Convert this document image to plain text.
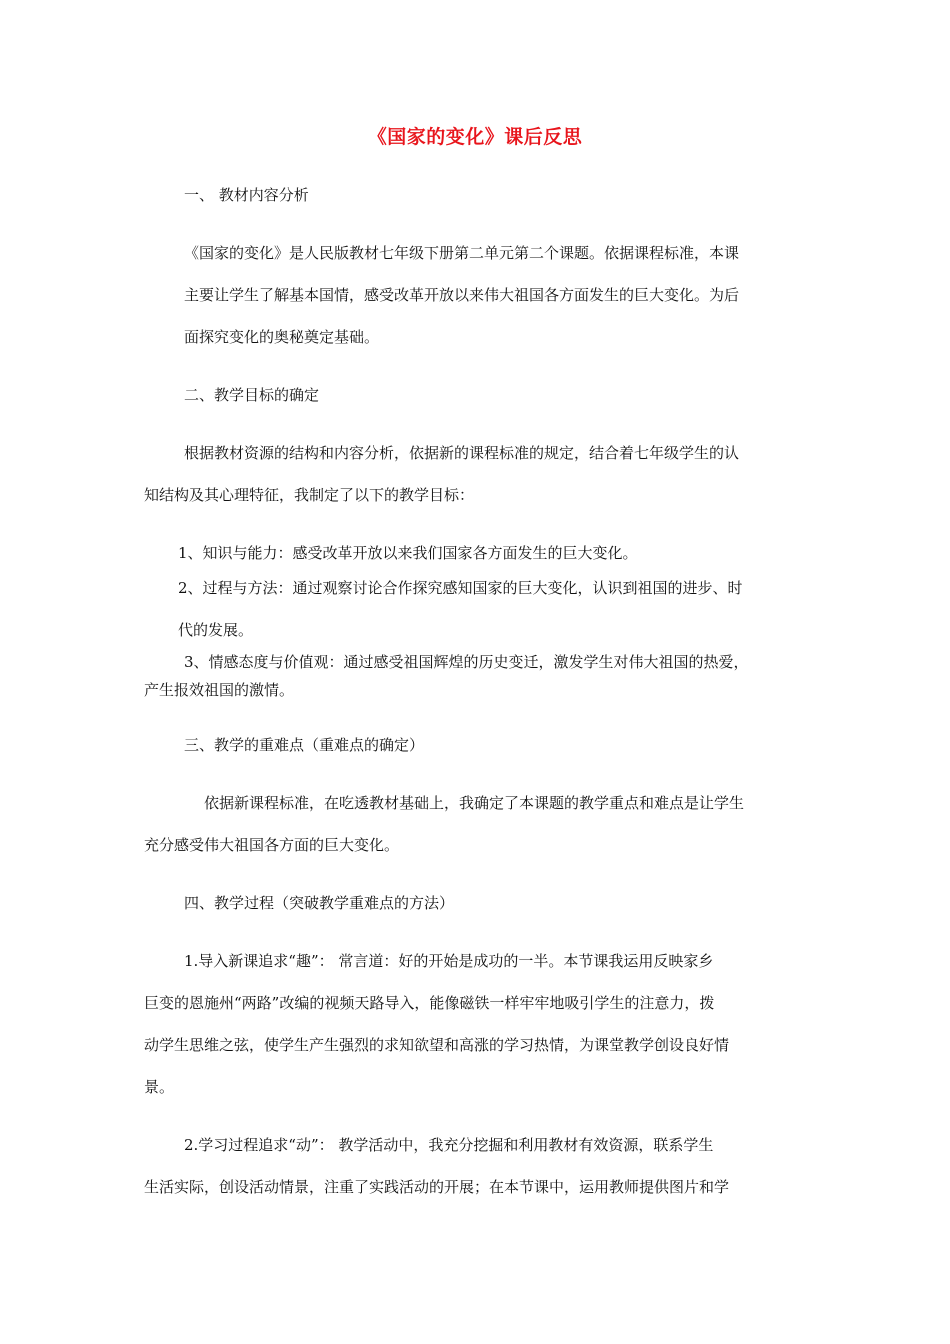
《国家的变化》课后反思
一、 教材内容分析
《国家的变化》是人民版教材七年级下册第二单元第二个课题。依据课程标准，本课
主要让学生了解基本国情，感受改革开放以来伟大祖国各方面发生的巨大变化。为后
面探究变化的奥秘奠定基础。
二、教学目标的确定
根据教材资源的结构和内容分析，依据新的课程标准的规定，结合着七年级学生的认
知结构及其心理特征，我制定了以下的教学目标：
1、知识与能力：感受改革开放以来我们国家各方面发生的巨大变化。
2、过程与方法：通过观察讨论合作探究感知国家的巨大变化，认识到祖国的进步、时
代的发展。
3、情感态度与价值观：通过感受祖国辉煌的历史变迁，激发学生对伟大祖国的热爱，
产生报效祖国的激情。
三、教学的重难点（重难点的确定）
依据新课程标准，在吃透教材基础上，我确定了本课题的教学重点和难点是让学生
充分感受伟大祖国各方面的巨大变化。
四、教学过程（突破教学重难点的方法）
1.导入新课追求“趣”： 常言道：好的开始是成功的一半。本节课我运用反映家乡
巨变的恩施州“两路”改编的视频天路导入，能像磁铁一样牢牢地吸引学生的注意力，拨
动学生思维之弦，使学生产生强烈的求知欲望和高涨的学习热情，为课堂教学创设良好情
景。
2.学习过程追求“动”： 教学活动中，我充分挖掘和利用教材有效资源，联系学生
生活实际，创设活动情景，注重了实践活动的开展；在本节课中，运用教师提供图片和学
